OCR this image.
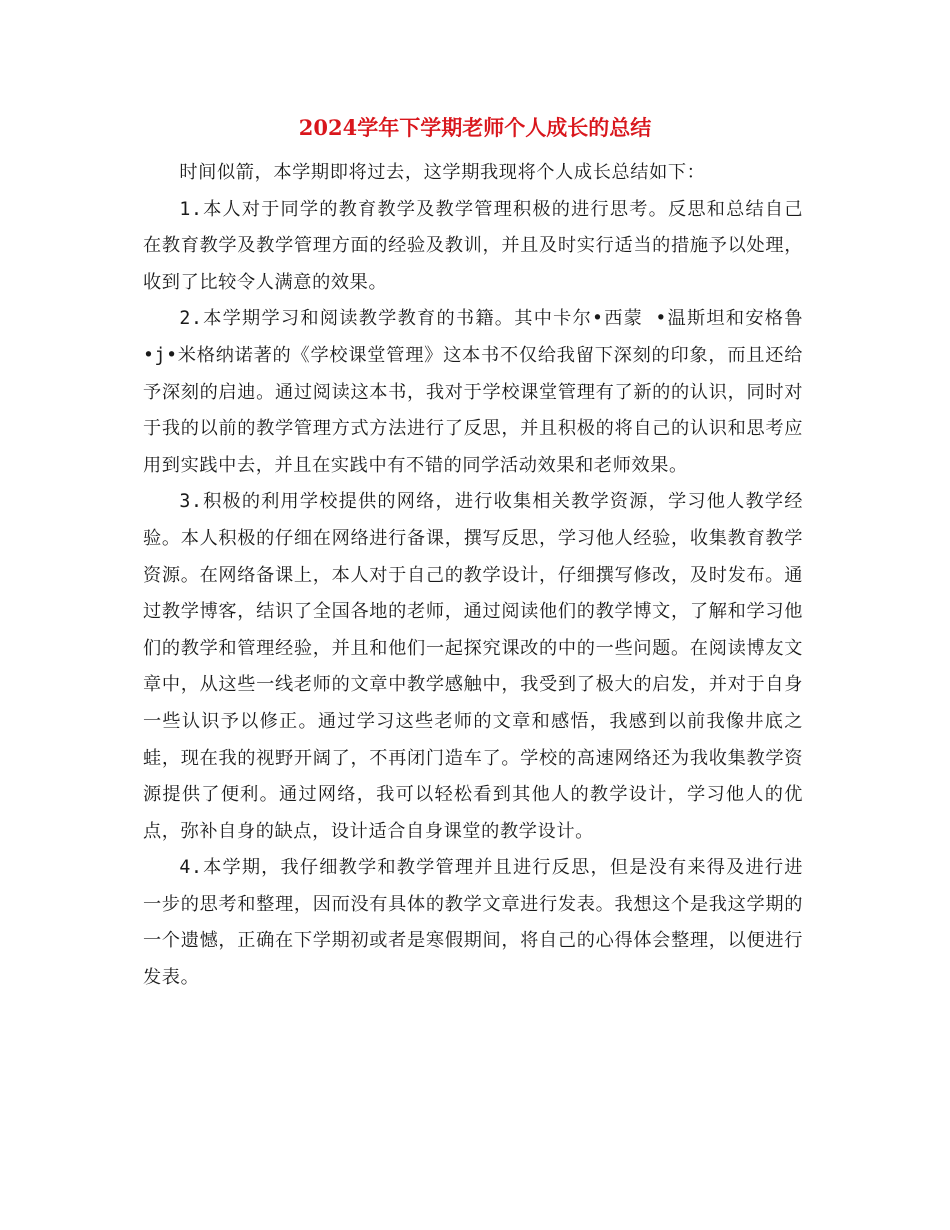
2024学年下学期老师个人成长的总结

时间似箭，本学期即将过去，这学期我现将个人成长总结如下：

1.本人对于同学的教育教学及教学管理积极的进行思考。反思和总结自己在教育教学及教学管理方面的经验及教训，并且及时实行适当的措施予以处理，收到了比较令人满意的效果。

2.本学期学习和阅读教学教育的书籍。其中卡尔•西蒙 •温斯坦和安格鲁•j•米格纳诺著的《学校课堂管理》这本书不仅给我留下深刻的印象，而且还给予深刻的启迪。通过阅读这本书，我对于学校课堂管理有了新的的认识，同时对于我的以前的教学管理方式方法进行了反思，并且积极的将自己的认识和思考应用到实践中去，并且在实践中有不错的同学活动效果和老师效果。

3.积极的利用学校提供的网络，进行收集相关教学资源，学习他人教学经验。本人积极的仔细在网络进行备课，撰写反思，学习他人经验，收集教育教学资源。在网络备课上，本人对于自己的教学设计，仔细撰写修改，及时发布。通过教学博客，结识了全国各地的老师，通过阅读他们的教学博文，了解和学习他们的教学和管理经验，并且和他们一起探究课改的中的一些问题。在阅读博友文章中，从这些一线老师的文章中教学感触中，我受到了极大的启发，并对于自身一些认识予以修正。通过学习这些老师的文章和感悟，我感到以前我像井底之蛙，现在我的视野开阔了，不再闭门造车了。学校的高速网络还为我收集教学资源提供了便利。通过网络，我可以轻松看到其他人的教学设计，学习他人的优点，弥补自身的缺点，设计适合自身课堂的教学设计。

4.本学期，我仔细教学和教学管理并且进行反思，但是没有来得及进行进一步的思考和整理，因而没有具体的教学文章进行发表。我想这个是我这学期的一个遗憾，正确在下学期初或者是寒假期间，将自己的心得体会整理，以便进行发表。
